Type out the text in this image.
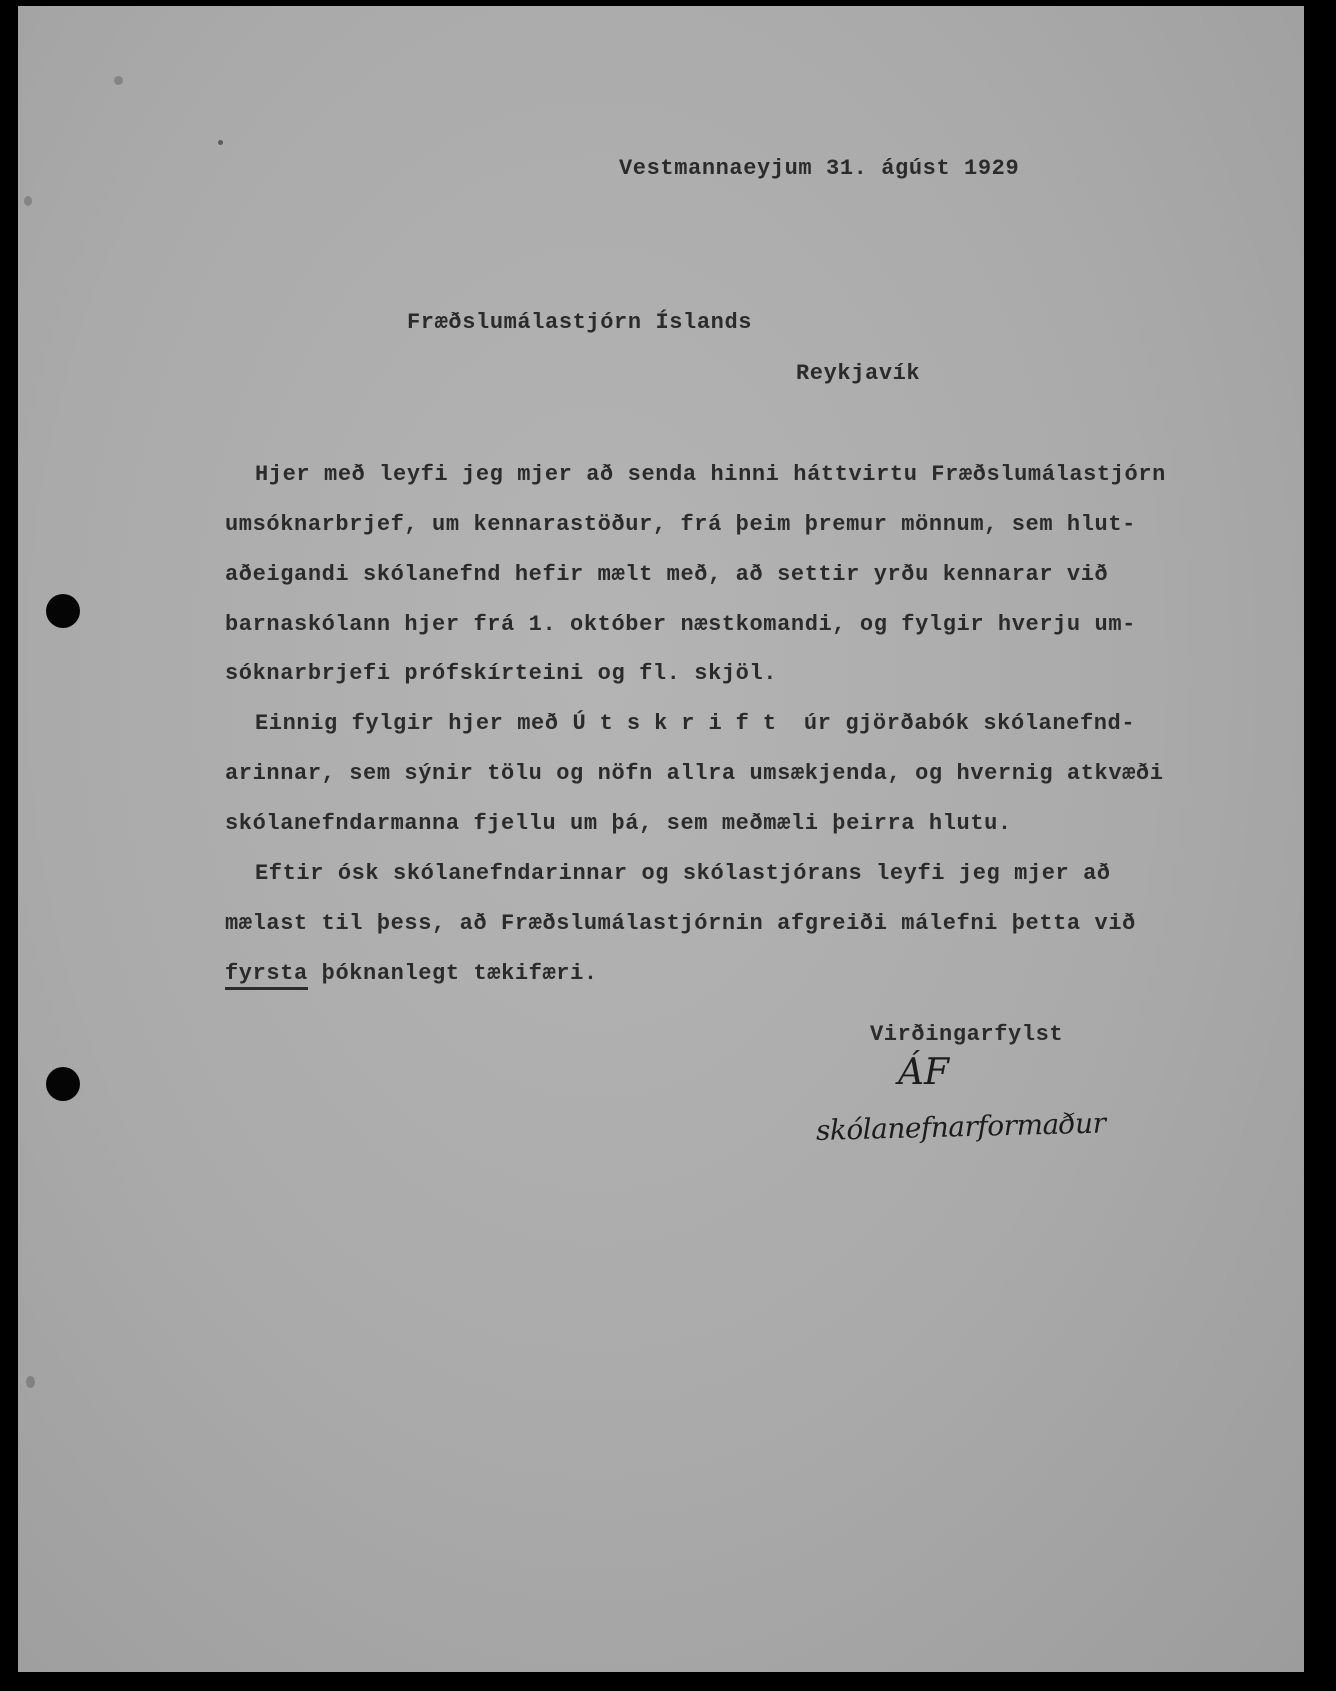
Vestmannaeyjum 31. ágúst 1929

Fræðslumálastjórn Íslands

Reykjavík

Hjer með leyfi jeg mjer að senda hinni háttvirtu Fræðslumálastjórn

umsóknarbrjef, um kennarastöður, frá þeim þremur mönnum, sem hlut-

aðeigandi skólanefnd hefir mælt með, að settir yrðu kennarar við

barnaskólann hjer frá 1. október næstkomandi, og fylgir hverju um-

sóknarbrjefi prófskírteini og fl. skjöl.

Einnig fylgir hjer með Útskrift úr gjörðabók skólanefnd-

arinnar, sem sýnir tölu og nöfn allra umsækjenda, og hvernig atkvæði

skólanefndarmanna fjellu um þá, sem meðmæli þeirra hlutu.

Eftir ósk skólanefndarinnar og skólastjórans leyfi jeg mjer að

mælast til þess, að Fræðslumálastjórnin afgreiði málefni þetta við

fyrsta þóknanlegt tækifæri.

Virðingarfylst

ÁF
skólanefnarformaður
